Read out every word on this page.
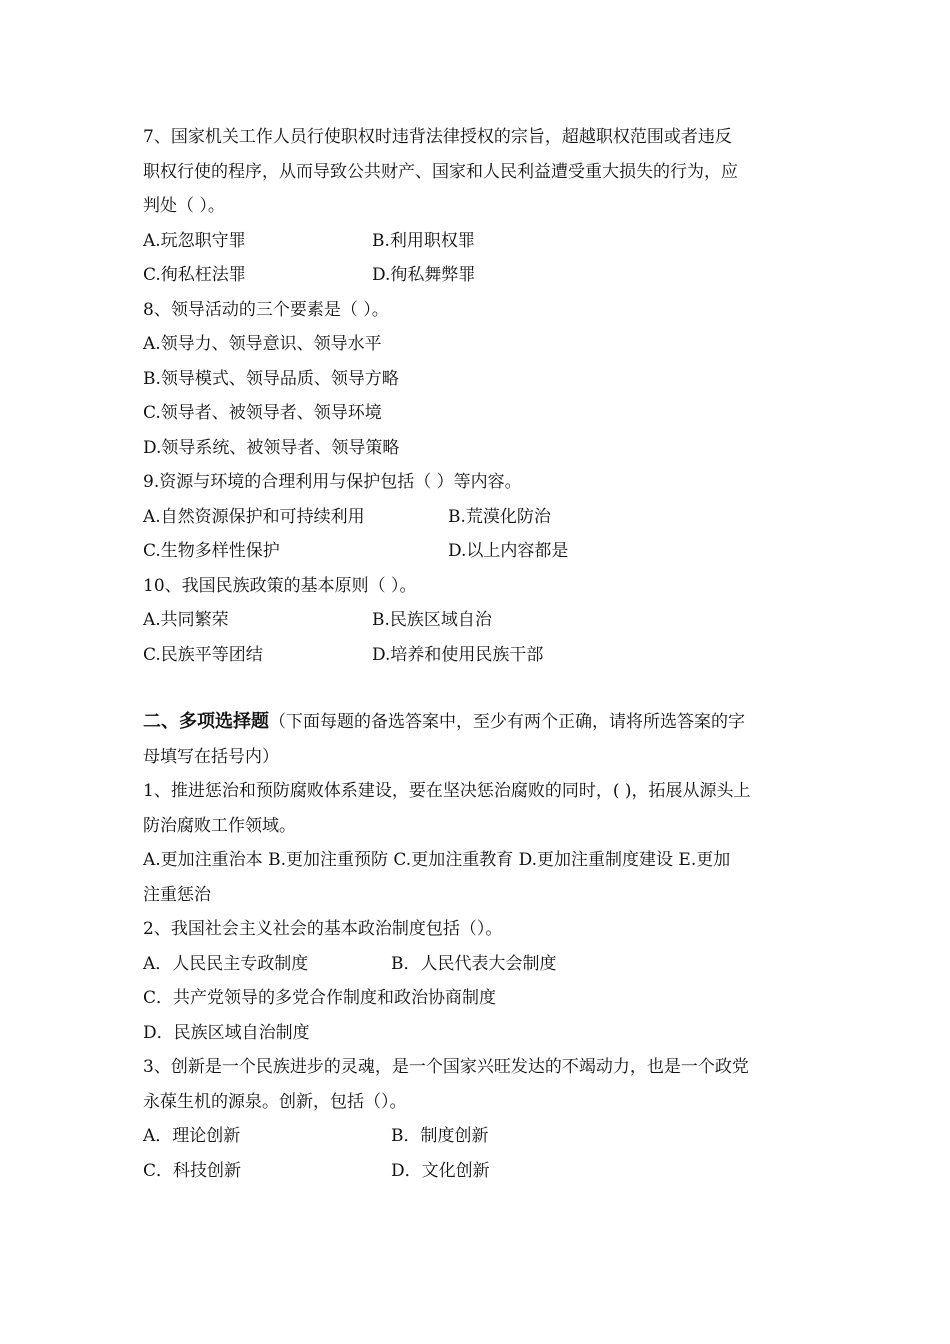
7、国家机关工作人员行使职权时违背法律授权的宗旨，超越职权范围或者违反
职权行使的程序，从而导致公共财产、国家和人民利益遭受重大损失的行为，应
判处（ ）。
A.玩忽职守罪	B.利用职权罪
C.徇私枉法罪	D.徇私舞弊罪
8、领导活动的三个要素是（ ）。
A.领导力、领导意识、领导水平
B.领导模式、领导品质、领导方略
C.领导者、被领导者、领导环境
D.领导系统、被领导者、领导策略
9.资源与环境的合理利用与保护包括（ ）等内容。
A.自然资源保护和可持续利用	B.荒漠化防治
C.生物多样性保护	D.以上内容都是
10、我国民族政策的基本原则（ ）。
A.共同繁荣	B.民族区域自治
C.民族平等团结	D.培养和使用民族干部
二、多项选择题（下面每题的备选答案中，至少有两个正确，请将所选答案的字
母填写在括号内）
1、推进惩治和预防腐败体系建设，要在坚决惩治腐败的同时，( )，拓展从源头上
防治腐败工作领域。
A.更加注重治本 B.更加注重预防 C.更加注重教育 D.更加注重制度建设 E.更加
注重惩治
2、我国社会主义社会的基本政治制度包括（）。
A．人民民主专政制度	B．人民代表大会制度
C．共产党领导的多党合作制度和政治协商制度
D．民族区域自治制度
3、创新是一个民族进步的灵魂，是一个国家兴旺发达的不竭动力，也是一个政党
永葆生机的源泉。创新，包括（）。
A．理论创新	B．制度创新
C．科技创新	D．文化创新
